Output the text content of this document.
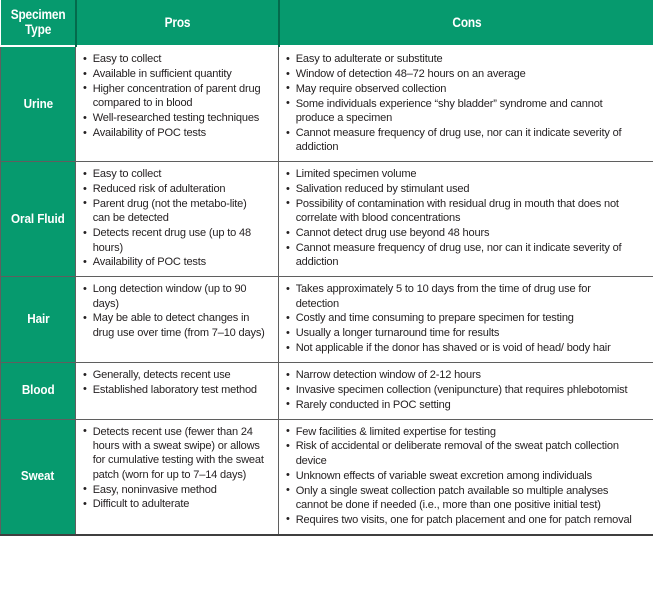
Specimen
Type	Pros	Cons
Urine	
• Easy to collect
• Available in sufficient quantity
• Higher concentration of parent drug compared to in blood
• Well-researched testing techniques
• Availability of POC tests

• Easy to adulterate or substitute
• Window of detection 48–72 hours on an average
• May require observed collection
• Some individuals experience “shy bladder” syndrome and cannot produce a specimen
• Cannot measure frequency of drug use, nor can it indicate severity of addiction

Oral Fluid	
• Easy to collect
• Reduced risk of adulteration
• Parent drug (not the metabo-lite) can be detected
• Detects recent drug use (up to 48 hours)
• Availability of POC tests

• Limited specimen volume
• Salivation reduced by stimulant used
• Possibility of contamination with residual drug in mouth that does not correlate with blood concentrations
• Cannot detect drug use beyond 48 hours
• Cannot measure frequency of drug use, nor can it indicate severity of addiction

Hair	
• Long detection window (up to 90 days)
• May be able to detect changes in drug use over time (from 7–10 days)

• Takes approximately 5 to 10 days from the time of drug use for detection
• Costly and time consuming to prepare specimen for testing
• Usually a longer turnaround time for results
• Not applicable if the donor has shaved or is void of head/ body hair

Blood	
• Generally, detects recent use
• Established laboratory test method

• Narrow detection window of 2-12 hours
• Invasive specimen collection (venipuncture) that requires phlebotomist
• Rarely conducted in POC setting

Sweat	
• Detects recent use (fewer than 24 hours with a sweat swipe) or allows for cumulative testing with the sweat patch (worn for up to 7–14 days)
• Easy, noninvasive method
• Difficult to adulterate

• Few facilities & limited expertise for testing
• Risk of accidental or deliberate removal of the sweat patch collection device
• Unknown effects of variable sweat excretion among individuals
• Only a single sweat collection patch available so multiple analyses cannot be done if needed (i.e., more than one positive initial test)
• Requires two visits, one for patch placement and one for patch removal
